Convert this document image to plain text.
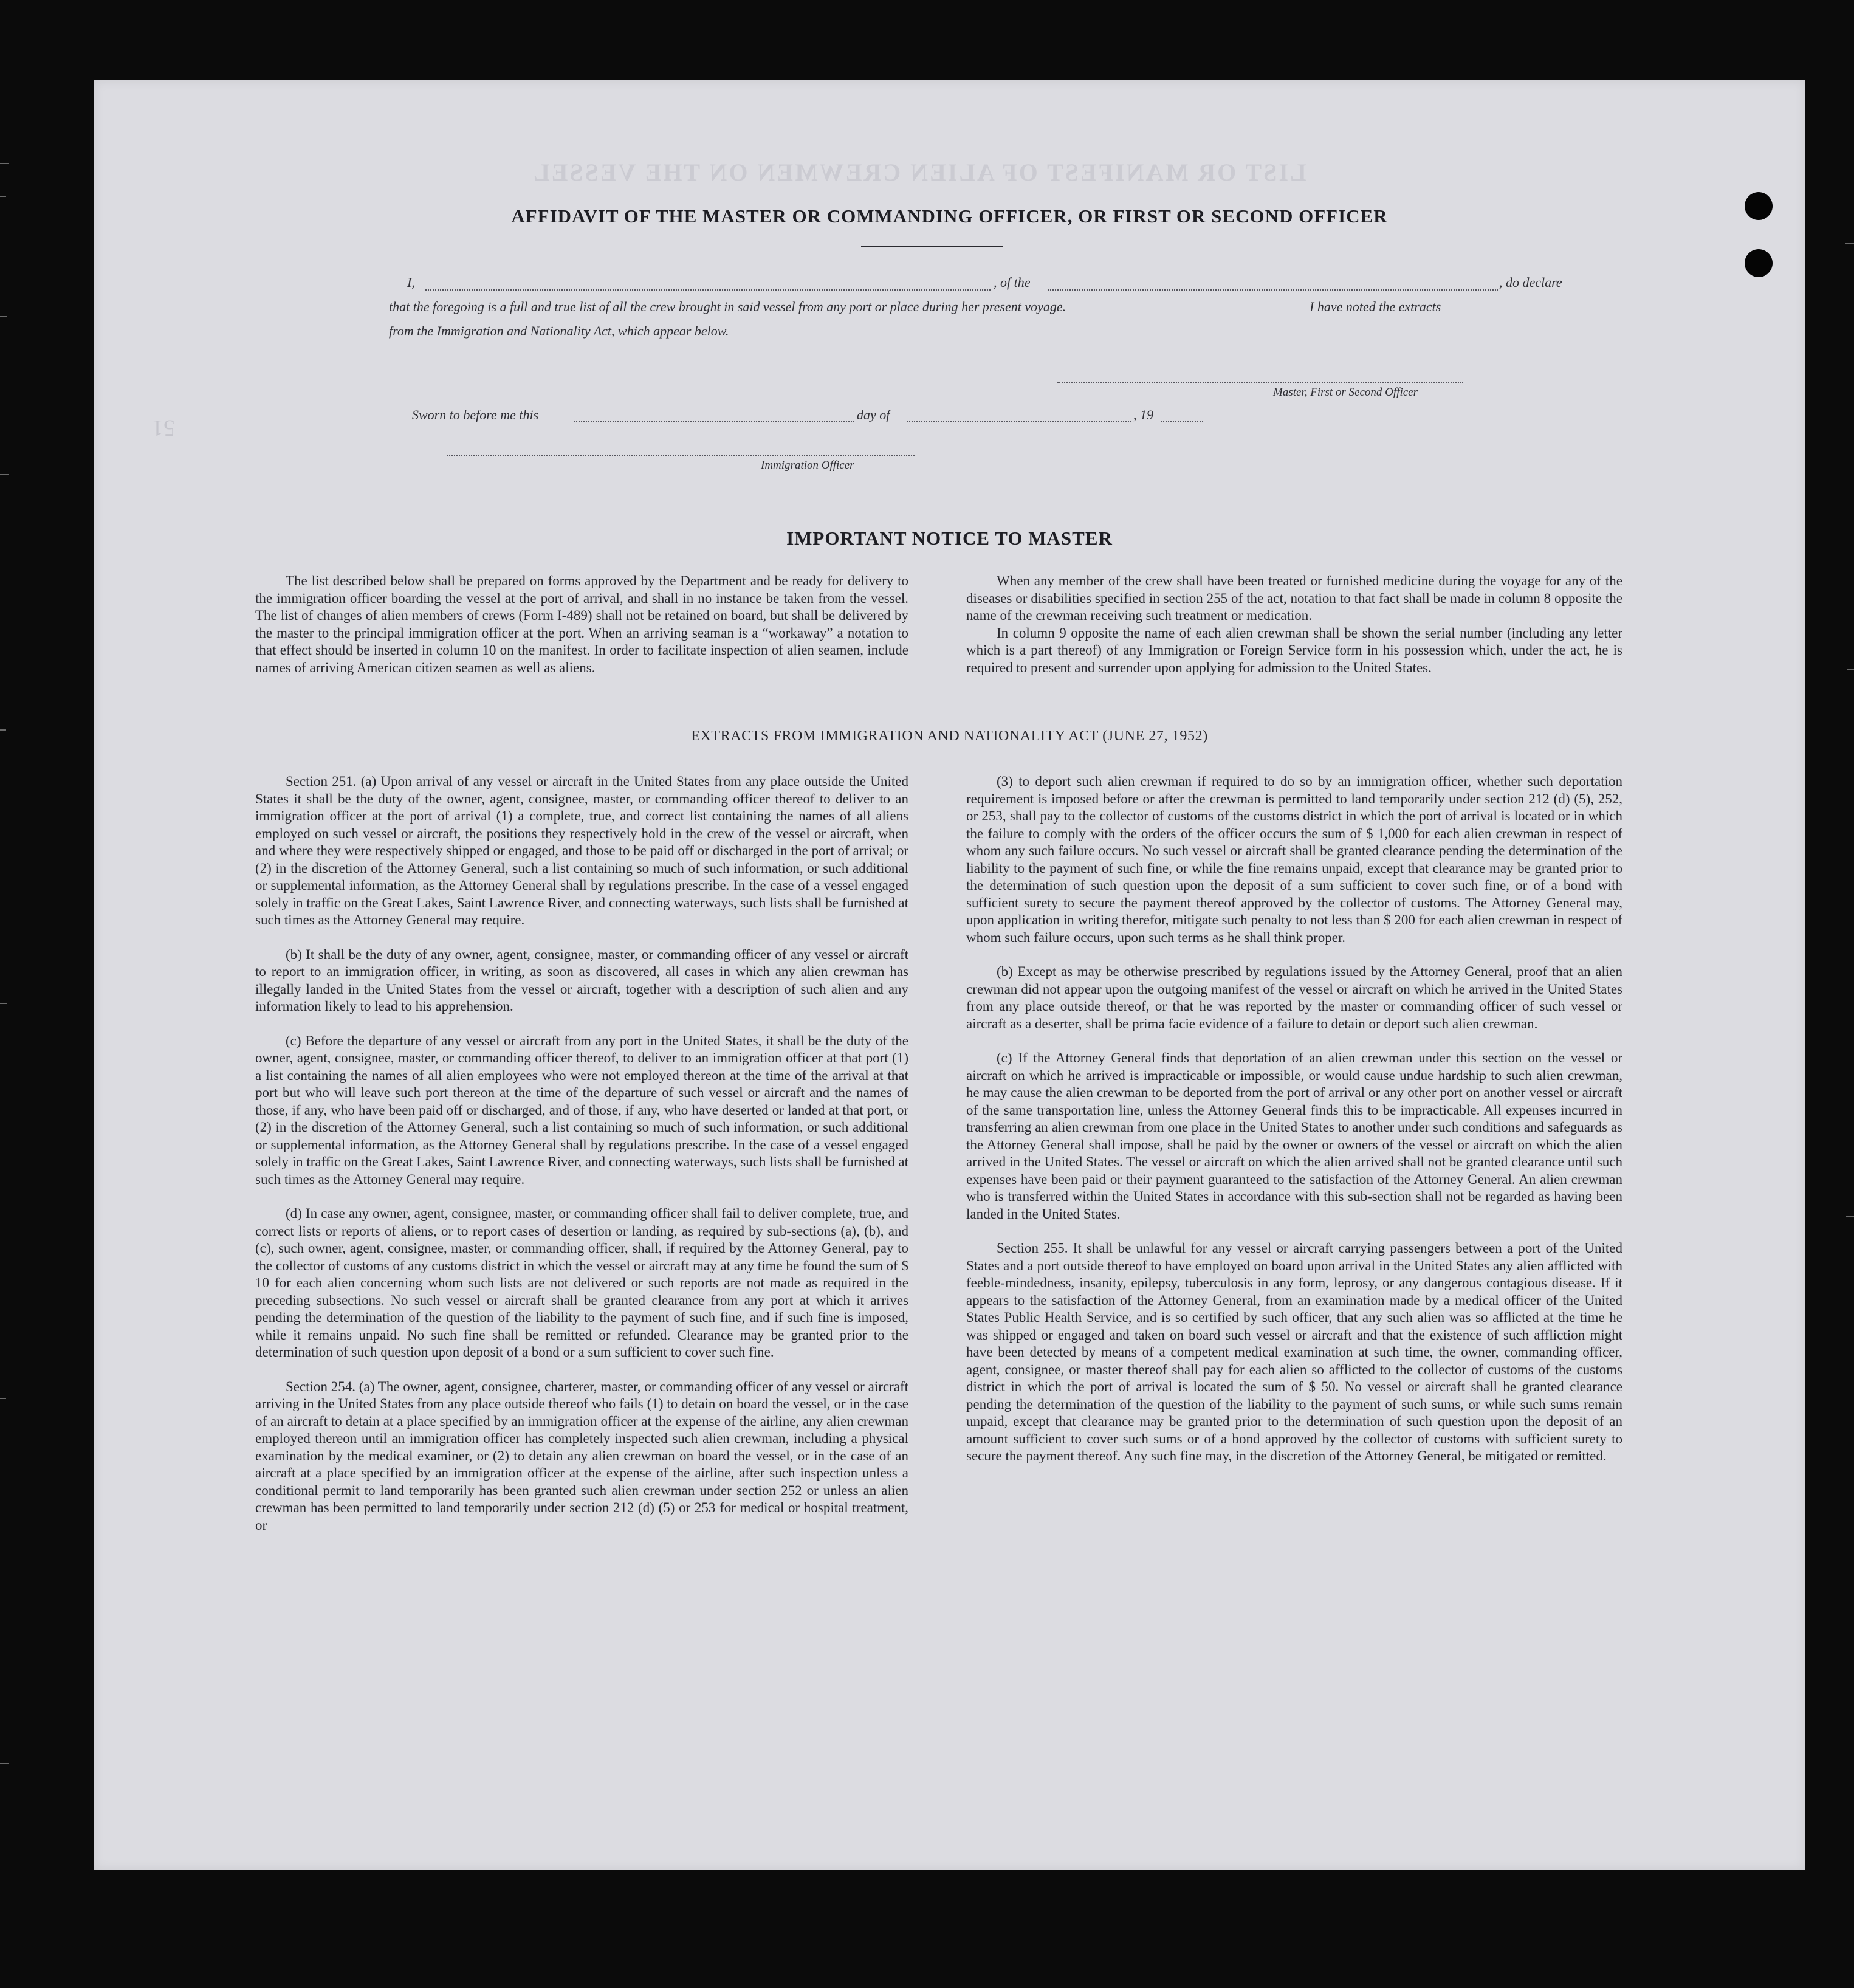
LIST OR MANIFEST OF ALIEN CREWMEN ON THE VESSEL
51
AFFIDAVIT OF THE MASTER OR COMMANDING OFFICER, OR FIRST OR SECOND OFFICER
I,	, of the	, do declare
that the foregoing is a full and true list of all the crew brought in said vessel from any port or place during her present voyage.	I have noted the extracts
from the Immigration and Nationality Act, which appear below.
Master, First or Second Officer
Sworn to before me this	day of	, 19
Immigration Officer
IMPORTANT NOTICE TO MASTER

The list described below shall be prepared on forms approved by the Department and be ready for delivery to the immigration officer boarding the vessel at the port of arrival, and shall in no instance be taken from the vessel. The list of changes of alien members of crews (Form I-489) shall not be retained on board, but shall be delivered by the master to the principal immigration officer at the port. When an arriving seaman is a “workaway” a notation to that effect should be inserted in column 10 on the manifest. In order to facilitate inspection of alien seamen, include names of arriving American citizen seamen as well as aliens.

When any member of the crew shall have been treated or furnished medicine during the voyage for any of the diseases or disabilities specified in section 255 of the act, notation to that fact shall be made in column 8 opposite the name of the crewman receiving such treatment or medication.

In column 9 opposite the name of each alien crewman shall be shown the serial number (including any letter which is a part thereof) of any Immigration or Foreign Service form in his possession which, under the act, he is required to present and surrender upon applying for admission to the United States.

EXTRACTS FROM IMMIGRATION AND NATIONALITY ACT (JUNE 27, 1952)

Section 251. (a) Upon arrival of any vessel or aircraft in the United States from any place outside the United States it shall be the duty of the owner, agent, consignee, master, or commanding officer thereof to deliver to an immigration officer at the port of arrival (1) a complete, true, and correct list containing the names of all aliens employed on such vessel or aircraft, the positions they respectively hold in the crew of the vessel or aircraft, when and where they were respectively shipped or engaged, and those to be paid off or discharged in the port of arrival; or (2) in the discretion of the Attorney General, such a list containing so much of such information, or such additional or supplemental information, as the Attorney General shall by regulations prescribe. In the case of a vessel engaged solely in traffic on the Great Lakes, Saint Lawrence River, and connecting waterways, such lists shall be furnished at such times as the Attorney General may require.

(b) It shall be the duty of any owner, agent, consignee, master, or commanding officer of any vessel or aircraft to report to an immigration officer, in writing, as soon as discovered, all cases in which any alien crewman has illegally landed in the United States from the vessel or aircraft, together with a description of such alien and any information likely to lead to his apprehension.

(c) Before the departure of any vessel or aircraft from any port in the United States, it shall be the duty of the owner, agent, consignee, master, or commanding officer thereof, to deliver to an immigration officer at that port (1) a list containing the names of all alien employees who were not employed thereon at the time of the arrival at that port but who will leave such port thereon at the time of the departure of such vessel or aircraft and the names of those, if any, who have been paid off or discharged, and of those, if any, who have deserted or landed at that port, or (2) in the discretion of the Attorney General, such a list containing so much of such information, or such additional or supplemental information, as the Attorney General shall by regulations prescribe. In the case of a vessel engaged solely in traffic on the Great Lakes, Saint Lawrence River, and connecting waterways, such lists shall be furnished at such times as the Attorney General may require.

(d) In case any owner, agent, consignee, master, or commanding officer shall fail to deliver complete, true, and correct lists or reports of aliens, or to report cases of desertion or landing, as required by sub-sections (a), (b), and (c), such owner, agent, consignee, master, or commanding officer, shall, if required by the Attorney General, pay to the collector of customs of any customs district in which the vessel or aircraft may at any time be found the sum of $ 10 for each alien concerning whom such lists are not delivered or such reports are not made as required in the preceding subsections. No such vessel or aircraft shall be granted clearance from any port at which it arrives pending the determination of the question of the liability to the payment of such fine, and if such fine is imposed, while it remains unpaid. No such fine shall be remitted or refunded. Clearance may be granted prior to the determination of such question upon deposit of a bond or a sum sufficient to cover such fine.

Section 254. (a) The owner, agent, consignee, charterer, master, or commanding officer of any vessel or aircraft arriving in the United States from any place outside thereof who fails (1) to detain on board the vessel, or in the case of an aircraft to detain at a place specified by an immigration officer at the expense of the airline, any alien crewman employed thereon until an immigration officer has completely inspected such alien crewman, including a physical examination by the medical examiner, or (2) to detain any alien crewman on board the vessel, or in the case of an aircraft at a place specified by an immigration officer at the expense of the airline, after such inspection unless a conditional permit to land temporarily has been granted such alien crewman under section 252 or unless an alien crewman has been permitted to land temporarily under section 212 (d) (5) or 253 for medical or hospital treatment, or

(3) to deport such alien crewman if required to do so by an immigration officer, whether such deportation requirement is imposed before or after the crewman is permitted to land temporarily under section 212 (d) (5), 252, or 253, shall pay to the collector of customs of the customs district in which the port of arrival is located or in which the failure to comply with the orders of the officer occurs the sum of $ 1,000 for each alien crewman in respect of whom any such failure occurs. No such vessel or aircraft shall be granted clearance pending the determination of the liability to the payment of such fine, or while the fine remains unpaid, except that clearance may be granted prior to the determination of such question upon the deposit of a sum sufficient to cover such fine, or of a bond with sufficient surety to secure the payment thereof approved by the collector of customs. The Attorney General may, upon application in writing therefor, mitigate such penalty to not less than $ 200 for each alien crewman in respect of whom such failure occurs, upon such terms as he shall think proper.

(b) Except as may be otherwise prescribed by regulations issued by the Attorney General, proof that an alien crewman did not appear upon the outgoing manifest of the vessel or aircraft on which he arrived in the United States from any place outside thereof, or that he was reported by the master or commanding officer of such vessel or aircraft as a deserter, shall be prima facie evidence of a failure to detain or deport such alien crewman.

(c) If the Attorney General finds that deportation of an alien crewman under this section on the vessel or aircraft on which he arrived is impracticable or impossible, or would cause undue hardship to such alien crewman, he may cause the alien crewman to be deported from the port of arrival or any other port on another vessel or aircraft of the same transportation line, unless the Attorney General finds this to be impracticable. All expenses incurred in transferring an alien crewman from one place in the United States to another under such conditions and safeguards as the Attorney General shall impose, shall be paid by the owner or owners of the vessel or aircraft on which the alien arrived in the United States. The vessel or aircraft on which the alien arrived shall not be granted clearance until such expenses have been paid or their payment guaranteed to the satisfaction of the Attorney General. An alien crewman who is transferred within the United States in accordance with this sub-section shall not be regarded as having been landed in the United States.

Section 255. It shall be unlawful for any vessel or aircraft carrying passengers between a port of the United States and a port outside thereof to have employed on board upon arrival in the United States any alien afflicted with feeble-mindedness, insanity, epilepsy, tuberculosis in any form, leprosy, or any dangerous contagious disease. If it appears to the satisfaction of the Attorney General, from an examination made by a medical officer of the United States Public Health Service, and is so certified by such officer, that any such alien was so afflicted at the time he was shipped or engaged and taken on board such vessel or aircraft and that the existence of such affliction might have been detected by means of a competent medical examination at such time, the owner, commanding officer, agent, consignee, or master thereof shall pay for each alien so afflicted to the collector of customs of the customs district in which the port of arrival is located the sum of $ 50. No vessel or aircraft shall be granted clearance pending the determination of the question of the liability to the payment of such sums, or while such sums remain unpaid, except that clearance may be granted prior to the determination of such question upon the deposit of an amount sufficient to cover such sums or of a bond approved by the collector of customs with sufficient surety to secure the payment thereof. Any such fine may, in the discretion of the Attorney General, be mitigated or remitted.
